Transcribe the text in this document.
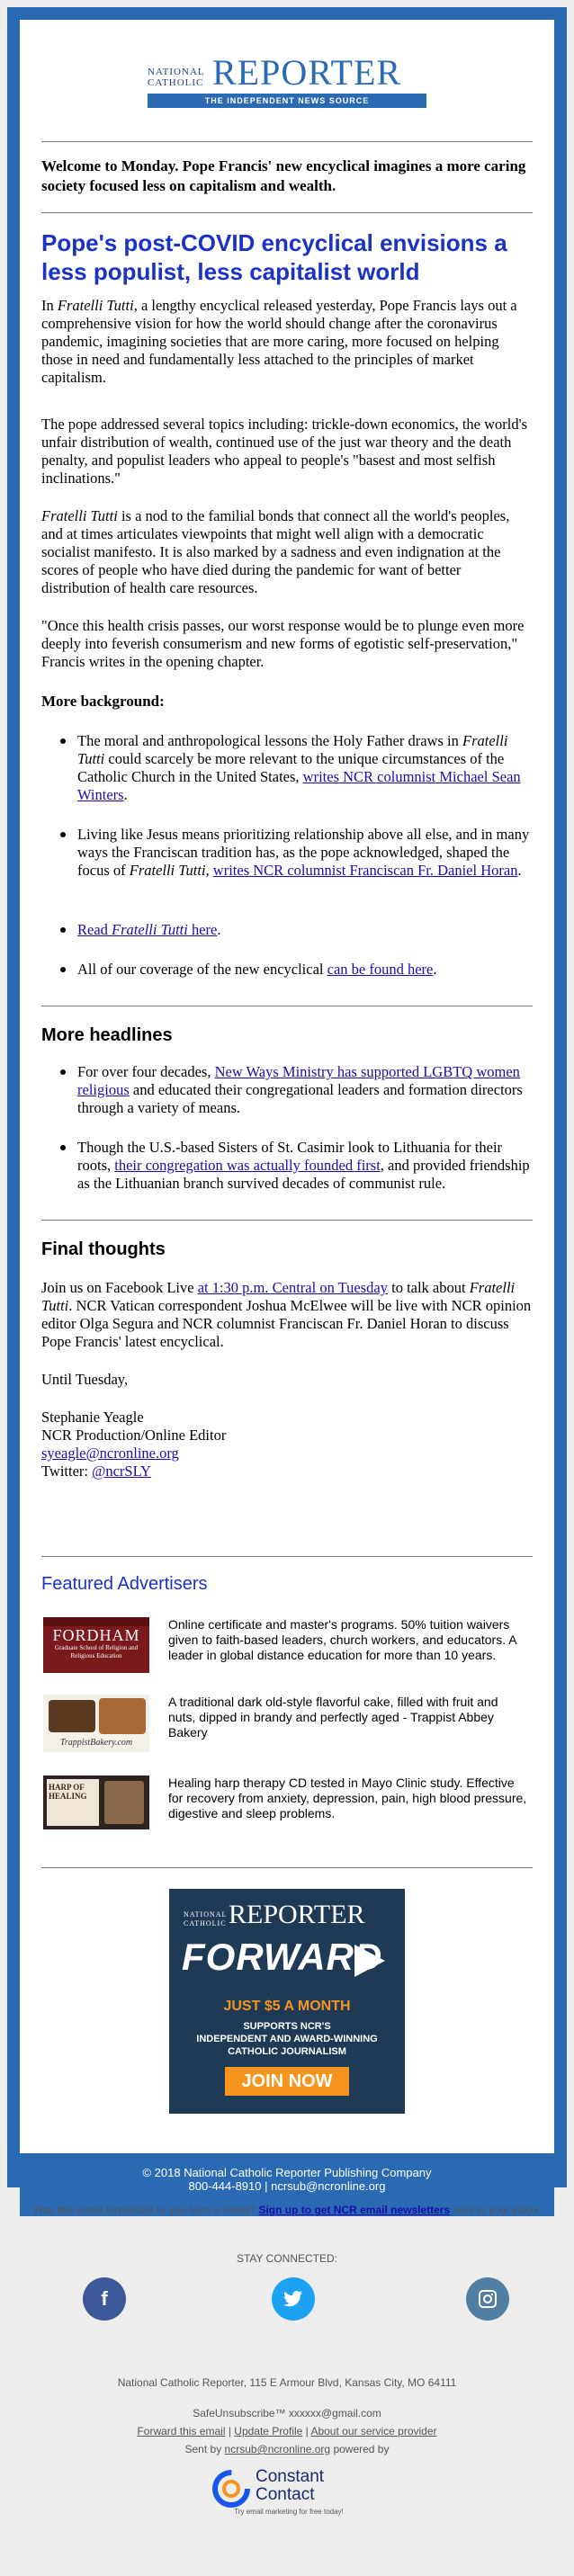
NATIONAL
CATHOLIC REPORTER
THE INDEPENDENT NEWS SOURCE
Welcome to Monday. Pope Francis' new encyclical imagines a more caring society focused less on capitalism and wealth.
Pope's post-COVID encyclical envisions a less populist, less capitalist world
In Fratelli Tutti, a lengthy encyclical released yesterday, Pope Francis lays out a comprehensive vision for how the world should change after the coronavirus pandemic, imagining societies that are more caring, more focused on helping those in need and fundamentally less attached to the principles of market capitalism.
The pope addressed several topics including: trickle-down economics, the world's unfair distribution of wealth, continued use of the just war theory and the death penalty, and populist leaders who appeal to people's "basest and most selfish inclinations."
Fratelli Tutti is a nod to the familial bonds that connect all the world's peoples, and at times articulates viewpoints that might well align with a democratic socialist manifesto. It is also marked by a sadness and even indignation at the scores of people who have died during the pandemic for want of better distribution of health care resources.
"Once this health crisis passes, our worst response would be to plunge even more deeply into feverish consumerism and new forms of egotistic self-preservation," Francis writes in the opening chapter.
More background:
The moral and anthropological lessons the Holy Father draws in Fratelli Tutti could scarcely be more relevant to the unique circumstances of the Catholic Church in the United States, writes NCR columnist Michael Sean Winters.
Living like Jesus means prioritizing relationship above all else, and in many ways the Franciscan tradition has, as the pope acknowledged, shaped the focus of Fratelli Tutti, writes NCR columnist Franciscan Fr. Daniel Horan.
Read Fratelli Tutti here.
All of our coverage of the new encyclical can be found here.
More headlines
For over four decades, New Ways Ministry has supported LGBTQ women religious and educated their congregational leaders and formation directors through a variety of means.
Though the U.S.-based Sisters of St. Casimir look to Lithuania for their roots, their congregation was actually founded first, and provided friendship as the Lithuanian branch survived decades of communist rule.
Final thoughts
Join us on Facebook Live at 1:30 p.m. Central on Tuesday to talk about Fratelli Tutti. NCR Vatican correspondent Joshua McElwee will be live with NCR opinion editor Olga Segura and NCR columnist Franciscan Fr. Daniel Horan to discuss Pope Francis' latest encyclical.
Until Tuesday,
Stephanie Yeagle
NCR Production/Online Editor
syeagle@ncronline.org
Twitter: @ncrSLY
Featured Advertisers
FORDHAM
Graduate School of Religion and Religious Education
Online certificate and master's programs. 50% tuition waivers given to faith-based leaders, church workers, and educators. A leader in global distance education for more than 10 years.
TrappistBakery.com
A traditional dark old-style flavorful cake, filled with fruit and nuts, dipped in brandy and perfectly aged - Trappist Abbey Bakery
HARP OF HEALING
Healing harp therapy CD tested in Mayo Clinic study. Effective for recovery from anxiety, depression, pain, high blood pressure, digestive and sleep problems.
NATIONAL
CATHOLIC REPORTER
FORWARD
JUST $5 A MONTH
SUPPORTS NCR'S
INDEPENDENT AND AWARD-WINNING
CATHOLIC JOURNALISM
JOIN NOW
© 2018 National Catholic Reporter Publishing Company
800-444-8910 | ncrsub@ncronline.org
Was this email forwarded to you from a friend? Sign up to get NCR email newsletters sent to your inbox.
STAY CONNECTED:
f
National Catholic Reporter, 115 E Armour Blvd, Kansas City, MO 64111
SafeUnsubscribe™ xxxxxx@gmail.com
Forward this email | Update Profile | About our service provider
Sent by ncrsub@ncronline.org powered by
Constant
Contact
Try email marketing for free today!
